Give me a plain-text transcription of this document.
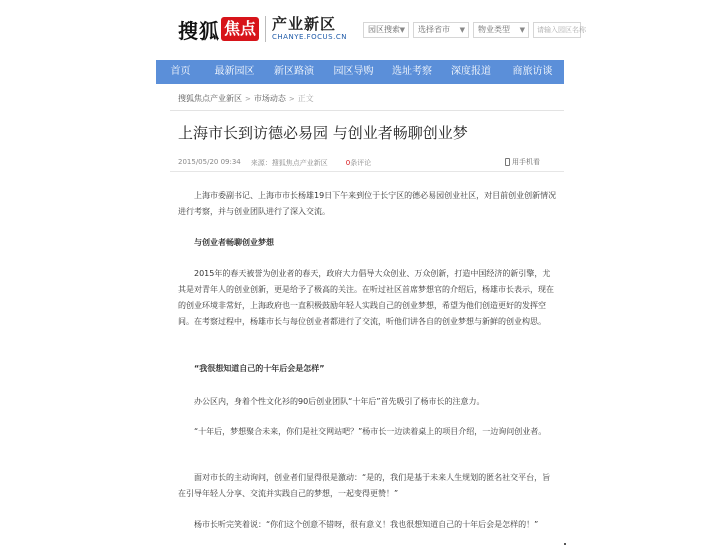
搜狐 焦点 产业新区
CHANYE.FOCUS.CN
园区搜索 ▼	选择省市 ▼	物业类型 ▼	请输入园区名称
首页	最新园区	新区路演	园区导购	选址考察	深度报道	商旅访谈
搜狐焦点产业新区 > 市场动态 > 正文
上海市长到访德必易园 与创业者畅聊创业梦
2015/05/20 09:34 来源：搜狐焦点产业新区	0条评论	用手机看
上海市委副书记、上海市市长杨雄19日下午来到位于长宁区的德必易园创业社区，对目前创业创新情况进行考察，并与创业团队进行了深入交流。
与创业者畅聊创业梦想
2015年的春天被誉为创业者的春天，政府大力倡导大众创业、万众创新，打造中国经济的新引擎，尤其是对青年人的创业创新，更是给予了极高的关注。在听过社区首席梦想官的介绍后，杨雄市长表示，现在的创业环境非常好，上海政府也一直积极鼓励年轻人实践自己的创业梦想，希望为他们创造更好的发挥空间。在考察过程中，杨雄市长与每位创业者都进行了交流，听他们讲各自的创业梦想与新鲜的创业构思。
“我很想知道自己的十年后会是怎样”
办公区内，身着个性文化衫的90后创业团队“十年后”首先吸引了杨市长的注意力。
“十年后，梦想聚合未来，你们是社交网站吧？”杨市长一边读着桌上的项目介绍，一边询问创业者。
面对市长的主动询问，创业者们显得很是激动：“是的，我们是基于未来人生规划的匿名社交平台，旨在引导年轻人分享、交流并实践自己的梦想，一起变得更赞！”
杨市长听完笑着说：“你们这个创意不错呀，很有意义！我也很想知道自己的十年后会是怎样的！”
